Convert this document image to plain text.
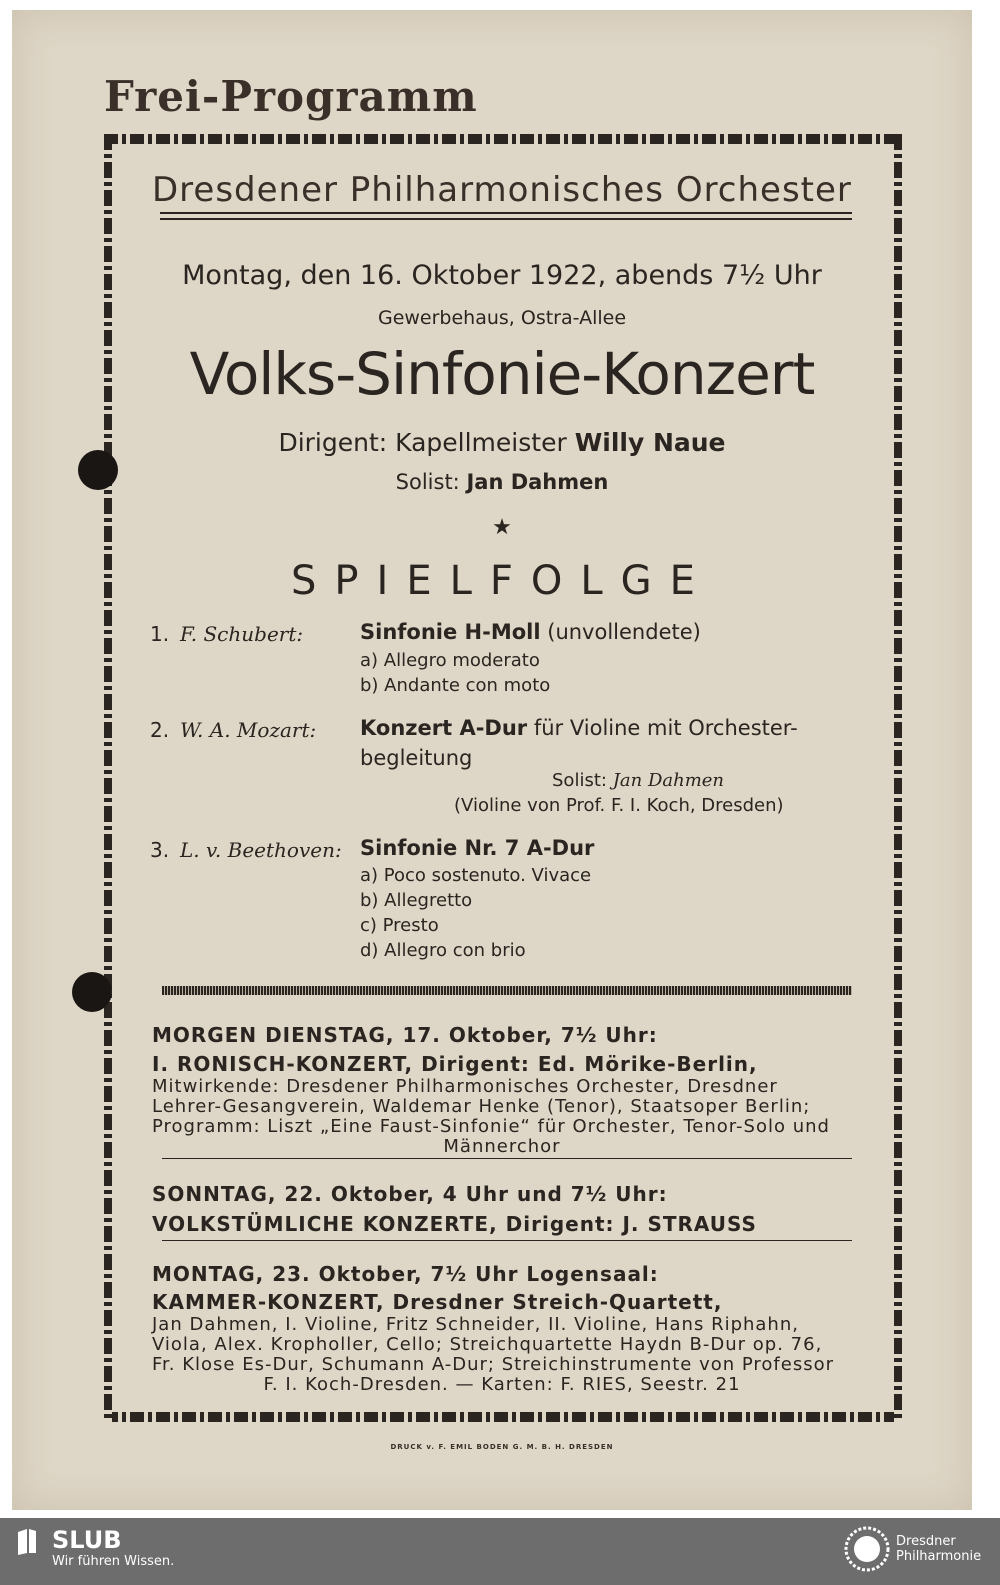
Frei-Programm
Dresdener Philharmonisches Orchester
Montag, den 16. Oktober 1922, abends 7½ Uhr
Gewerbehaus, Ostra-Allee
Volks-Sinfonie-Konzert
Dirigent: Kapellmeister Willy Naue
Solist: Jan Dahmen
★
SPIELFOLGE
1. F. Schubert:	Sinfonie H-Moll (unvollendete)
a) Allegro moderato
b) Andante con moto
2. W. A. Mozart: Konzert A-Dur für Violine mit Orchester-
begleitung
Solist: Jan Dahmen
(Violine von Prof. F. I. Koch, Dresden)
3. L. v. Beethoven: Sinfonie Nr. 7 A-Dur
a) Poco sostenuto. Vivace
b) Allegretto
c) Presto
d) Allegro con brio
MORGEN DIENSTAG, 17. Oktober, 7½ Uhr:
I. RONISCH-KONZERT, Dirigent: Ed. Mörike-Berlin,
Mitwirkende: Dresdener Philharmonisches Orchester, Dresdner
Lehrer-Gesangverein, Waldemar Henke (Tenor), Staatsoper Berlin;
Programm: Liszt „Eine Faust-Sinfonie“ für Orchester, Tenor-Solo und
Männerchor
SONNTAG, 22. Oktober, 4 Uhr und 7½ Uhr:
VOLKSTÜMLICHE KONZERTE, Dirigent: J. STRAUSS
MONTAG, 23. Oktober, 7½ Uhr Logensaal:
KAMMER-KONZERT, Dresdner Streich-Quartett,
Jan Dahmen, I. Violine, Fritz Schneider, II. Violine, Hans Riphahn,
Viola, Alex. Kropholler, Cello; Streichquartette Haydn B-Dur op. 76,
Fr. Klose Es-Dur, Schumann A-Dur; Streichinstrumente von Professor
F. I. Koch-Dresden. — Karten: F. RIES, Seestr. 21
DRUCK v. F. EMIL BODEN G. M. B. H. DRESDEN
SLUB
Wir führen Wissen.
Dresdner
Philharmonie
